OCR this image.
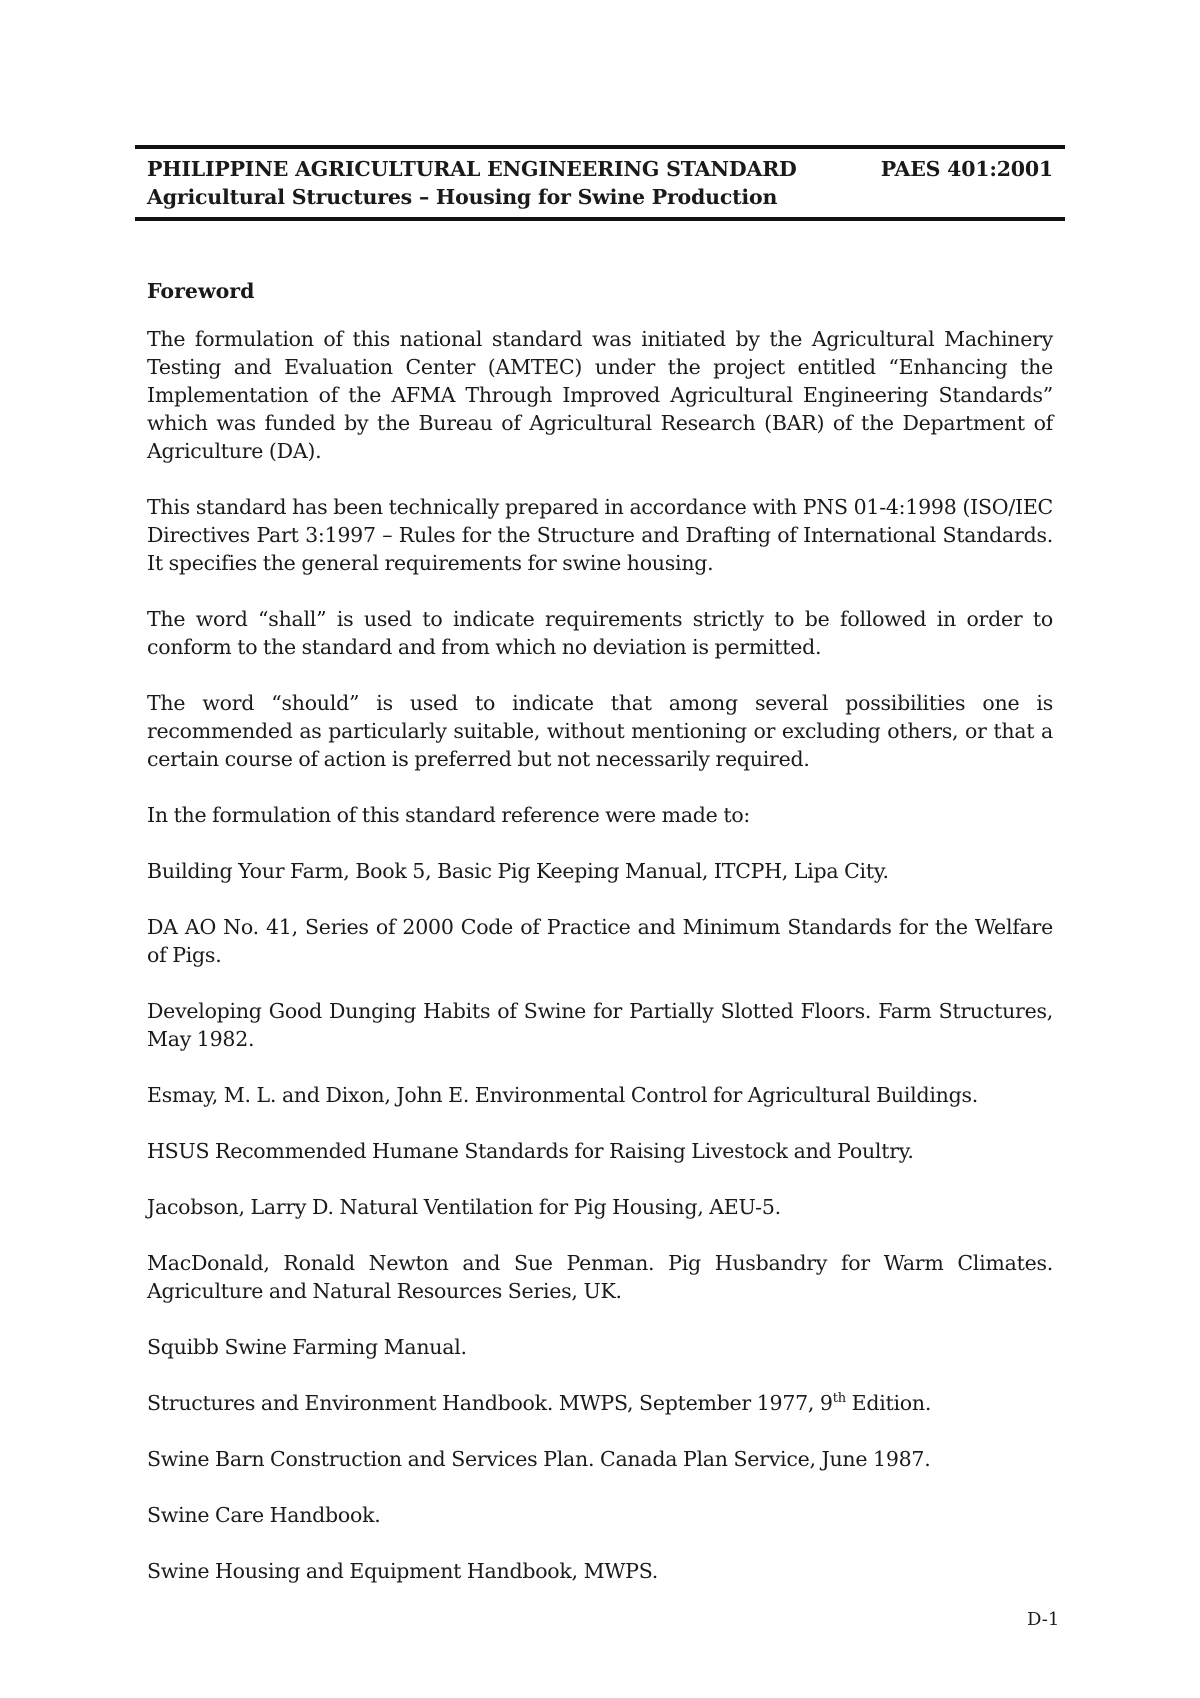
PHILIPPINE AGRICULTURAL ENGINEERING STANDARD	PAES 401:2001
Agricultural Structures – Housing for Swine Production
Foreword

The formulation of this national standard was initiated by the Agricultural Machinery Testing and Evaluation Center (AMTEC) under the project entitled “Enhancing the Implementation of the AFMA Through Improved Agricultural Engineering Standards” which was funded by the Bureau of Agricultural Research (BAR) of the Department of Agriculture (DA).

This standard has been technically prepared in accordance with PNS 01-4:1998 (ISO/IEC Directives Part 3:1997 – Rules for the Structure and Drafting of International Standards. It specifies the general requirements for swine housing.

The word “shall” is used to indicate requirements strictly to be followed in order to conform to the standard and from which no deviation is permitted.

The word “should” is used to indicate that among several possibilities one is recommended as particularly suitable, without mentioning or excluding others, or that a certain course of action is preferred but not necessarily required.

In the formulation of this standard reference were made to:

Building Your Farm, Book 5, Basic Pig Keeping Manual, ITCPH, Lipa City.

DA AO No. 41, Series of 2000 Code of Practice and Minimum Standards for the Welfare of Pigs.

Developing Good Dunging Habits of Swine for Partially Slotted Floors. Farm Structures, May 1982.

Esmay, M. L. and Dixon, John E. Environmental Control for Agricultural Buildings.

HSUS Recommended Humane Standards for Raising Livestock and Poultry.

Jacobson, Larry D. Natural Ventilation for Pig Housing, AEU-5.

MacDonald, Ronald Newton and Sue Penman. Pig Husbandry for Warm Climates. Agriculture and Natural Resources Series, UK.

Squibb Swine Farming Manual.

Structures and Environment Handbook. MWPS, September 1977, 9th Edition.

Swine Barn Construction and Services Plan. Canada Plan Service, June 1987.

Swine Care Handbook.

Swine Housing and Equipment Handbook, MWPS.

D-1
